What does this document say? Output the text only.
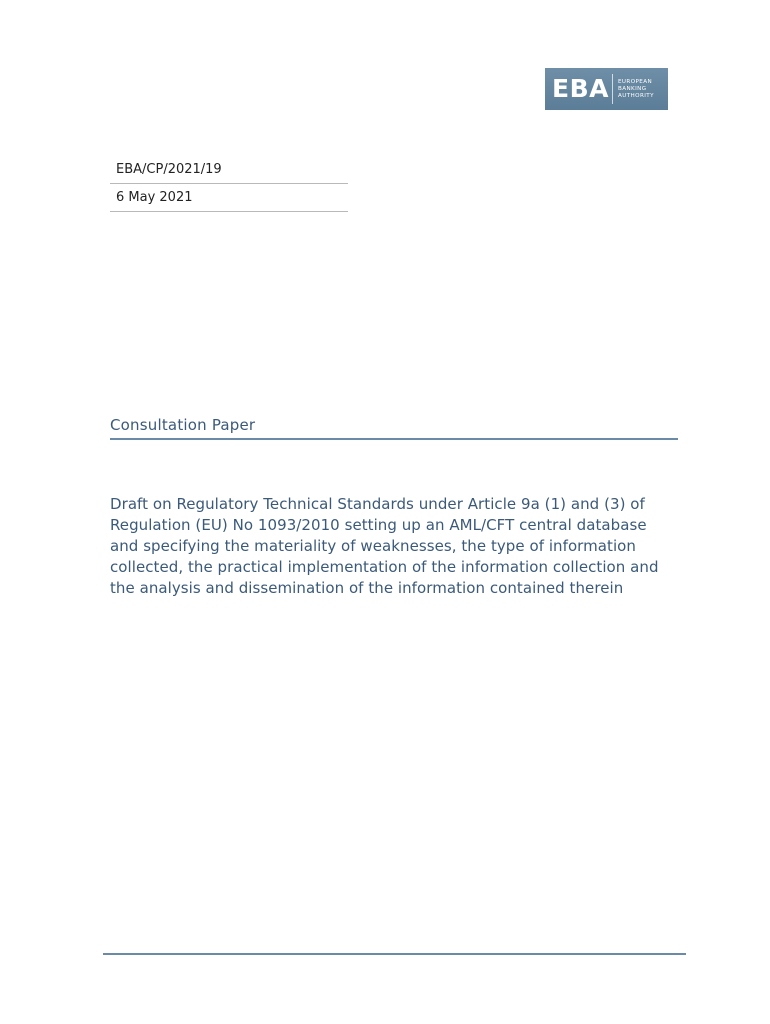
EBA	EUROPEAN
BANKING
AUTHORITY
EBA/CP/2021/19
6 May 2021
Consultation Paper
Draft on Regulatory Technical Standards under Article 9a (1) and (3) of Regulation (EU) No 1093/2010 setting up an AML/CFT central database and specifying the materiality of weaknesses, the type of information collected, the practical implementation of the information collection and the analysis and dissemination of the information contained therein
